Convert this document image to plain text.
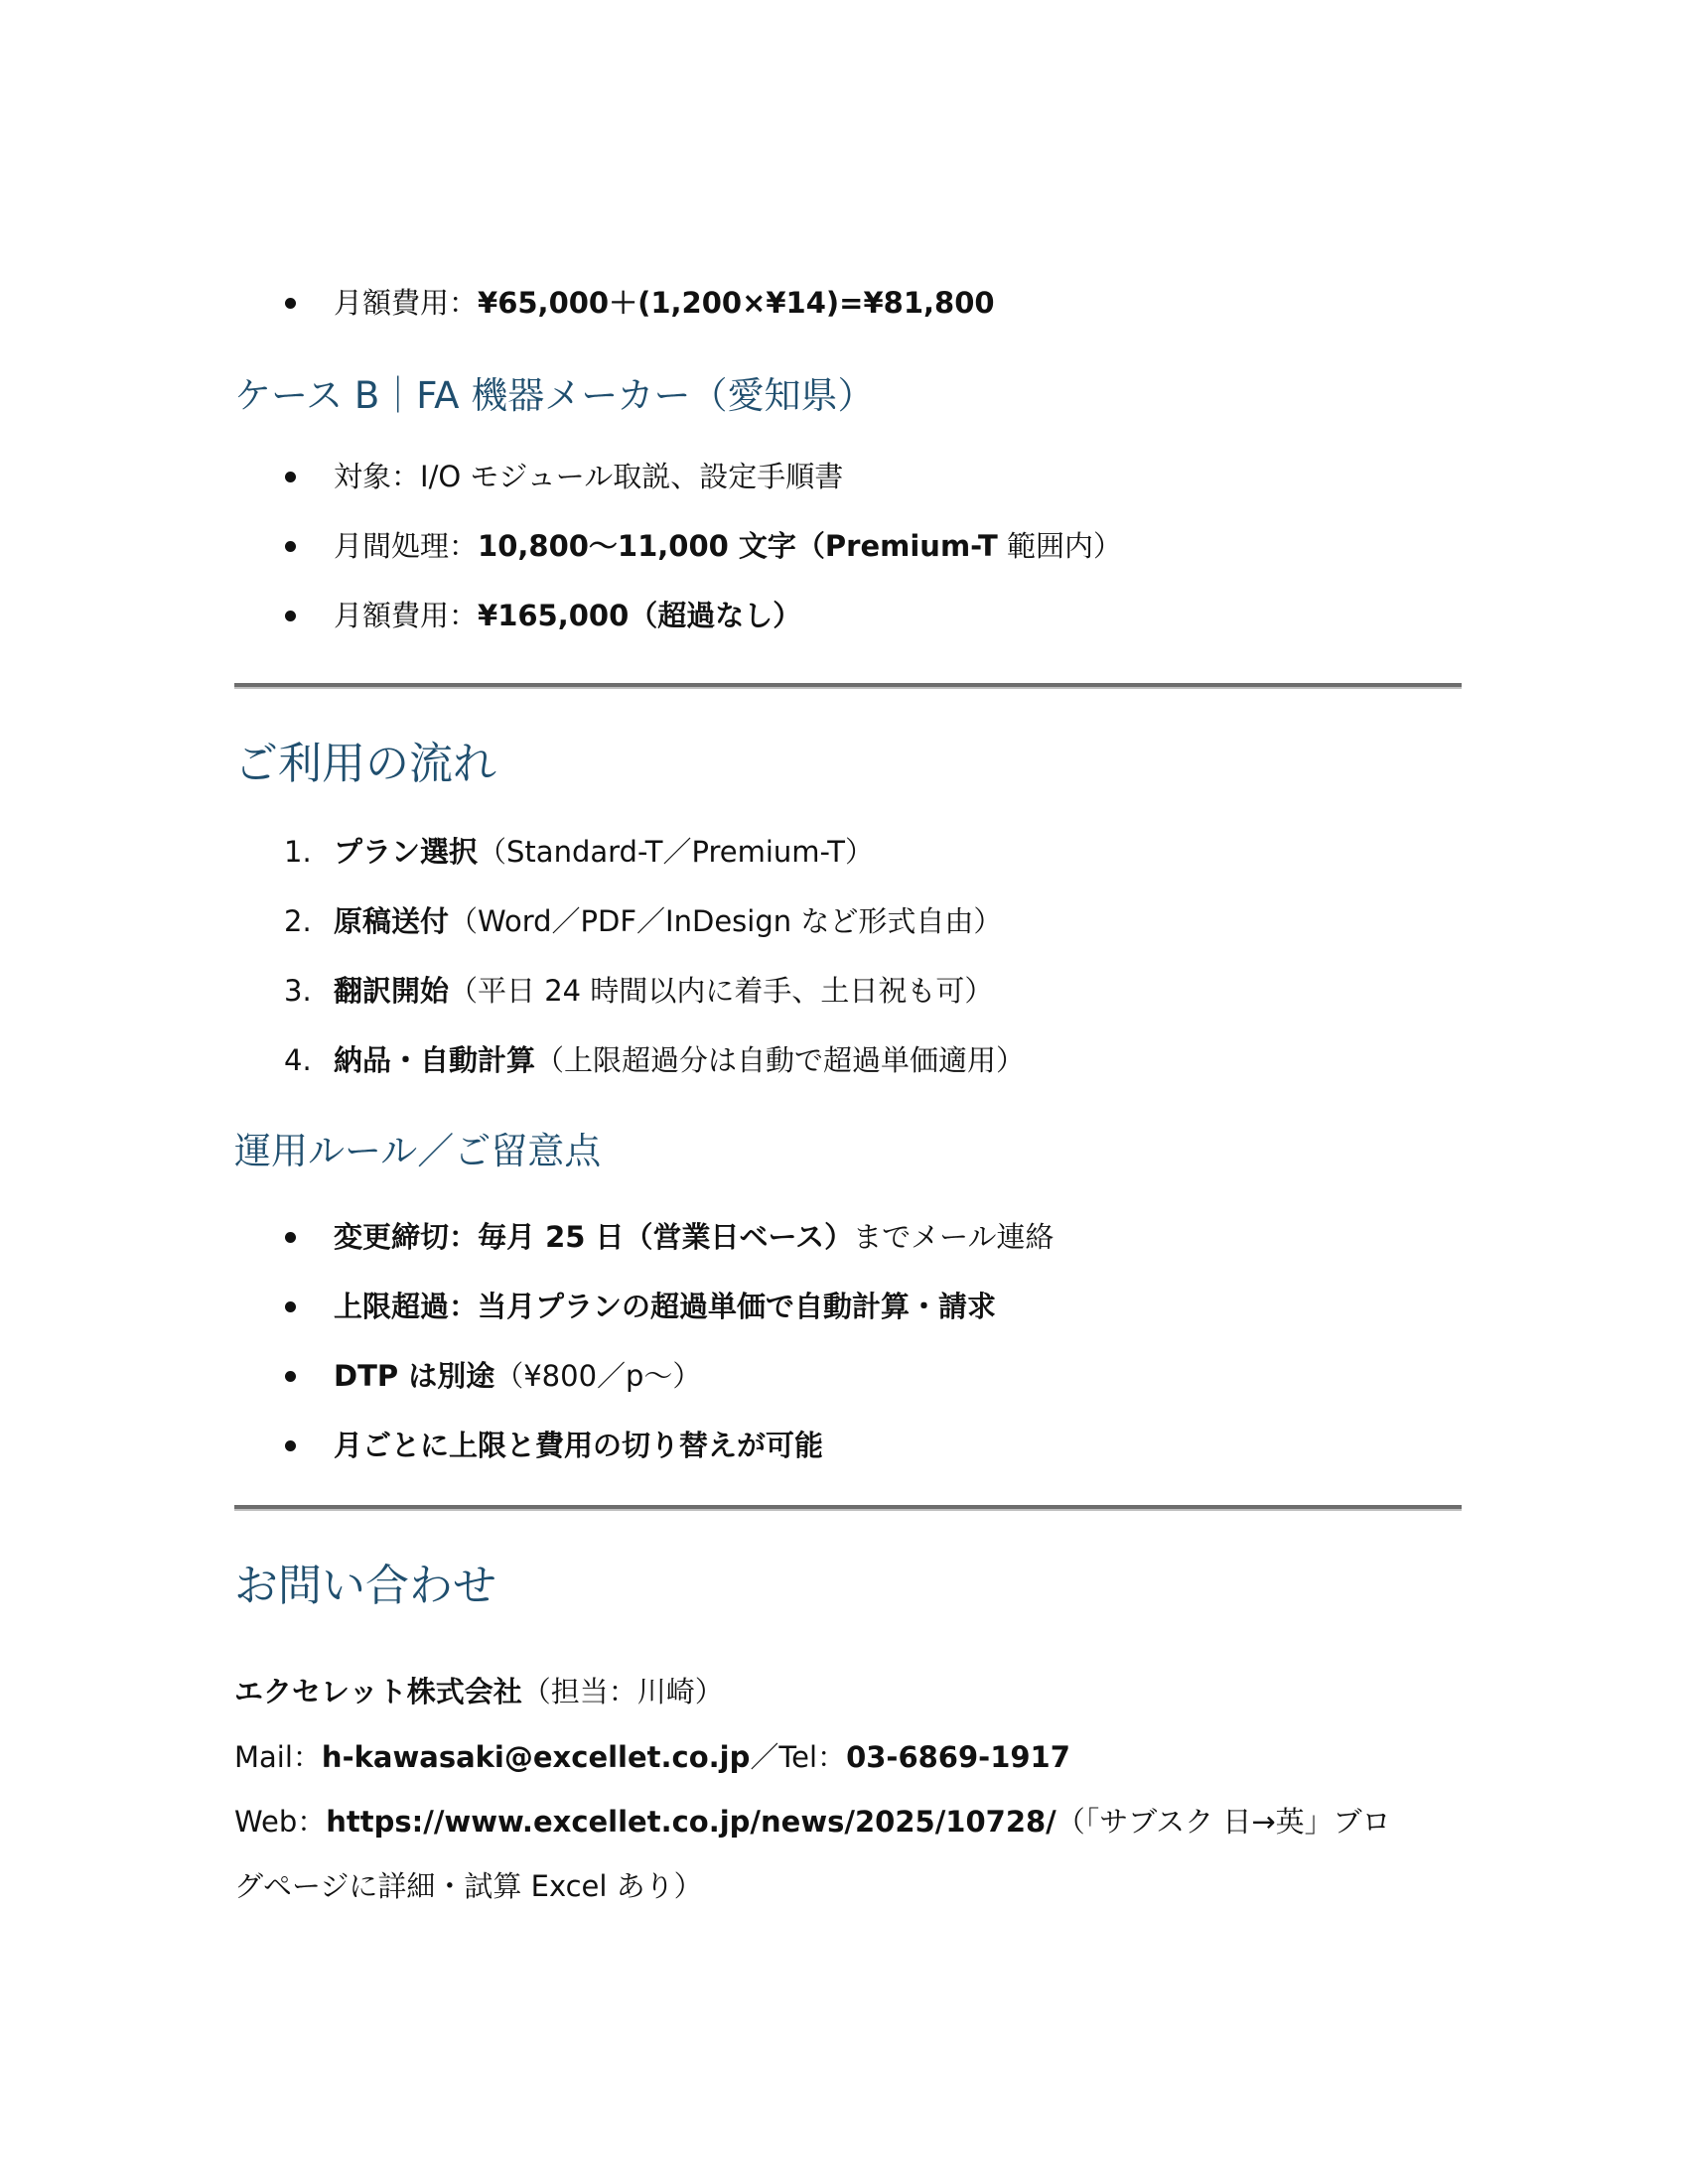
月額費用：¥65,000＋(1,200×¥14)=¥81,800
ケース B｜FA 機器メーカー（愛知県）
対象：I/O モジュール取説、設定手順書
月間処理：10,800～11,000 文字（Premium-T 範囲内）
月額費用：¥165,000（超過なし）
ご利用の流れ
1. プラン選択（Standard-T／Premium-T）
2. 原稿送付（Word／PDF／InDesign など形式自由）
3. 翻訳開始（平日 24 時間以内に着手、土日祝も可）
4. 納品・自動計算（上限超過分は自動で超過単価適用）
運用ルール／ご留意点
変更締切：毎月 25 日（営業日ベース）までメール連絡
上限超過：当月プランの超過単価で自動計算・請求
DTP は別途（¥800／p～）
月ごとに上限と費用の切り替えが可能
お問い合わせ
エクセレット株式会社（担当：川崎）
Mail：h-kawasaki@excellet.co.jp／Tel：03-6869-1917
Web：https://www.excellet.co.jp/news/2025/10728/（「サブスク 日→英」ブロ
グページに詳細・試算 Excel あり）
